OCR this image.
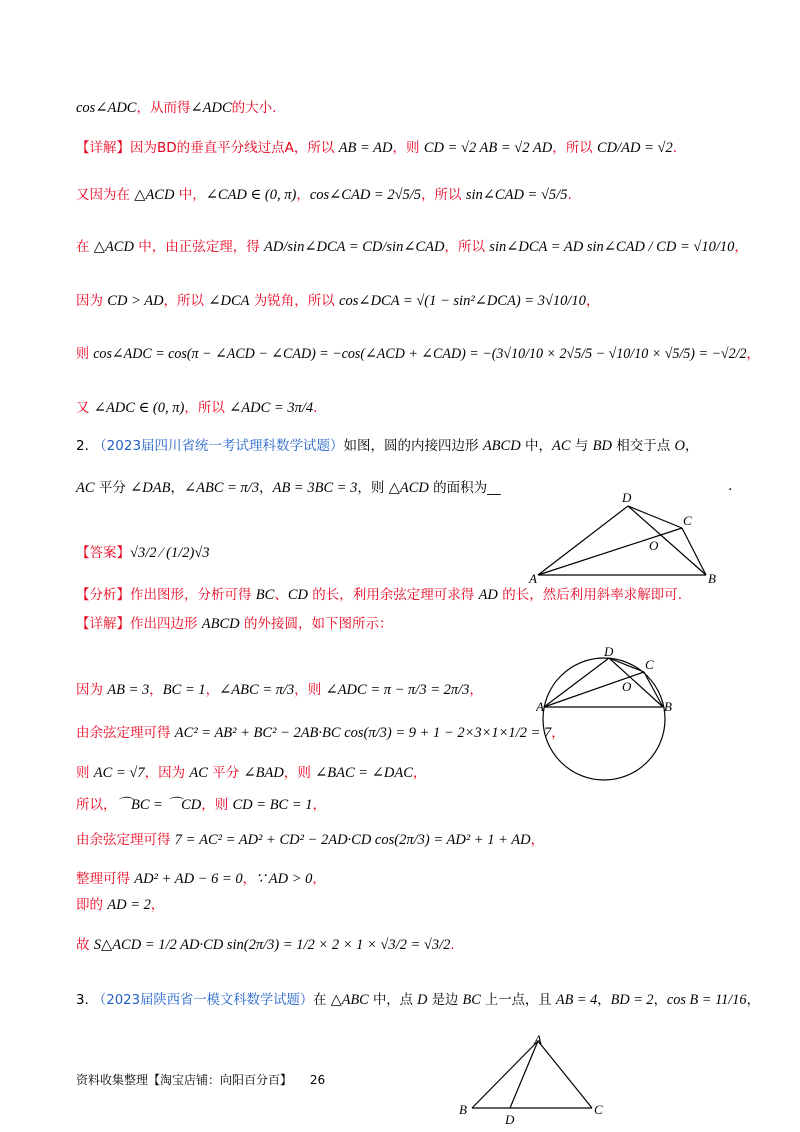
cos∠ADC，从而得∠ADC的大小.
【详解】因为BD的垂直平分线过点A，所以 AB = AD，则 CD = √2 AB = √2 AD，所以 CD/AD = √2.
又因为在 △ACD 中，∠CAD ∈ (0, π)，cos∠CAD = 2√5/5，所以 sin∠CAD = √5/5.
在 △ACD 中，由正弦定理，得 AD/sin∠DCA = CD/sin∠CAD，所以 sin∠DCA = AD sin∠CAD / CD = √10/10，
因为 CD > AD，所以 ∠DCA 为锐角，所以 cos∠DCA = √(1 − sin²∠DCA) = 3√10/10，
则 cos∠ADC = cos(π − ∠ACD − ∠CAD) = −cos(∠ACD + ∠CAD) = −(3√10/10 × 2√5/5 − √10/10 × √5/5) = −√2/2，
又 ∠ADC ∈ (0, π)，所以 ∠ADC = 3π/4.
2. （2023届四川省统一考试理科数学试题）如图，圆的内接四边形 ABCD 中，AC 与 BD 相交于点 O，
AC 平分 ∠DAB，∠ABC = π/3，AB = 3BC = 3，则 △ACD 的面积为__
【答案】√3/2 ⁄ (1/2)√3
【分析】作出图形，分析可得 BC、CD 的长，利用余弦定理可求得 AD 的长，然后利用斜率求解即可.
【详解】作出四边形 ABCD 的外接圆，如下图所示：
因为 AB = 3，BC = 1，∠ABC = π/3，则 ∠ADC = π − π/3 = 2π/3，
由余弦定理可得 AC² = AB² + BC² − 2AB·BC cos(π/3) = 9 + 1 − 2×3×1×1/2 = 7，
则 AC = √7，因为 AC 平分 ∠BAD，则 ∠BAC = ∠DAC，
所以，⌒BC = ⌒CD，则 CD = BC = 1，
由余弦定理可得 7 = AC² = AD² + CD² − 2AD·CD cos(2π/3) = AD² + 1 + AD，
整理可得 AD² + AD − 6 = 0，∵ AD > 0，
即的 AD = 2，
故 S△ACD = 1/2 AD·CD sin(2π/3) = 1/2 × 2 × 1 × √3/2 = √3/2.
3. （2023届陕西省一模文科数学试题）在 △ABC 中，点 D 是边 BC 上一点，且 AB = 4，BD = 2，cos B = 11/16，
.
A	B
C
D
O
A	B
C
D
O
A
B	C
D
资料收集整理【淘宝店铺：向阳百分百】 26
